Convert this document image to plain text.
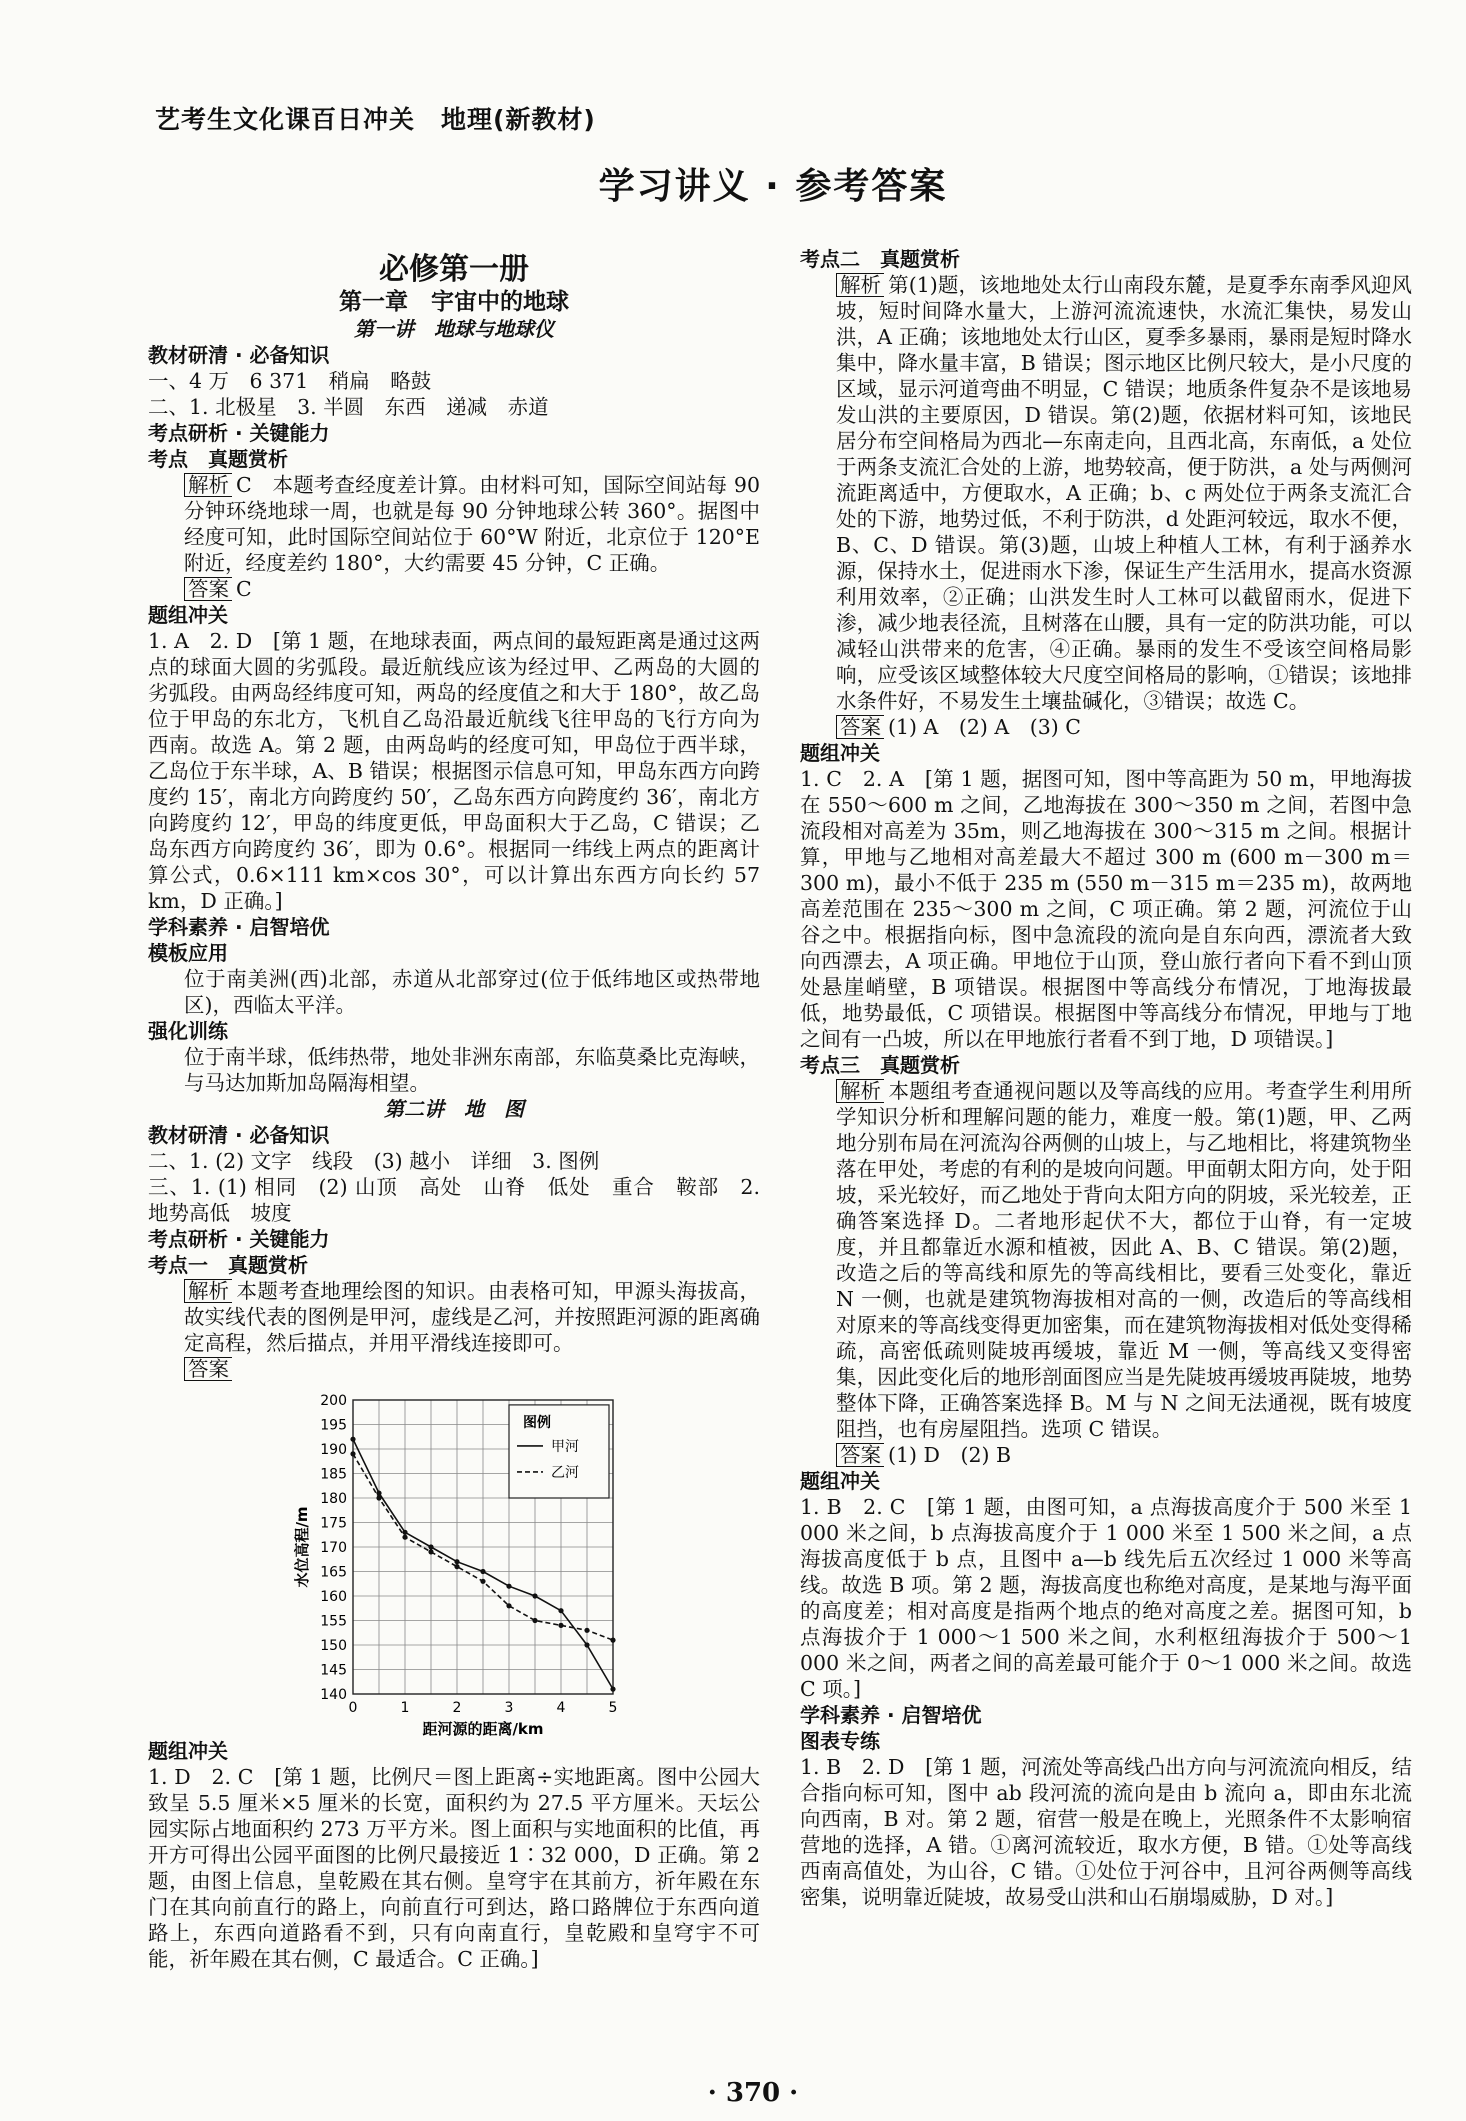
艺考生文化课百日冲关　地理(新教材)
学习讲义 · 参考答案
必修第一册
第一章　宇宙中的地球
第一讲　地球与地球仪
教材研清 · 必备知识
一、4 万　6 371　稍扁　略鼓
二、1. 北极星　3. 半圆　东西　递减　赤道
考点研析 · 关键能力
考点　真题赏析

解析 C　本题考查经度差计算。由材料可知，国际空间站每 90 分钟环绕地球一周，也就是每 90 分钟地球公转 360°。据图中经度可知，此时国际空间站位于 60°W 附近，北京位于 120°E 附近，经度差约 180°，大约需要 45 分钟，C 正确。

答案 C

题组冲关

1. A　2. D　[第 1 题，在地球表面，两点间的最短距离是通过这两点的球面大圆的劣弧段。最近航线应该为经过甲、乙两岛的大圆的劣弧段。由两岛经纬度可知，两岛的经度值之和大于 180°，故乙岛位于甲岛的东北方，飞机自乙岛沿最近航线飞往甲岛的飞行方向为西南。故选 A。第 2 题，由两岛屿的经度可知，甲岛位于西半球，乙岛位于东半球，A、B 错误；根据图示信息可知，甲岛东西方向跨度约 15′，南北方向跨度约 50′，乙岛东西方向跨度约 36′，南北方向跨度约 12′，甲岛的纬度更低，甲岛面积大于乙岛，C 错误；乙岛东西方向跨度约 36′，即为 0.6°。根据同一纬线上两点的距离计算公式，0.6×111 km×cos 30°，可以计算出东西方向长约 57 km，D 正确。]

学科素养 · 启智培优
模板应用

位于南美洲(西)北部，赤道从北部穿过(位于低纬地区或热带地区)，西临太平洋。

强化训练

位于南半球，低纬热带，地处非洲东南部，东临莫桑比克海峡，与马达加斯加岛隔海相望。

第二讲　地　图
教材研清 · 必备知识
二、1. (2) 文字　线段　(3) 越小　详细　3. 图例
三、1. (1) 相同　(2) 山顶　高处　山脊　低处　重合　鞍部　2. 地势高低　坡度
考点研析 · 关键能力
考点一　真题赏析

解析 本题考查地理绘图的知识。由表格可知，甲源头海拔高，故实线代表的图例是甲河，虚线是乙河，并按照距河源的距离确定高程，然后描点，并用平滑线连接即可。

答案

140
145
150
155
160
165
170
175
180
185
190
195
200
0	1	2	3	4	5
距河源的距离/km
水位高程/m
图例
甲河
乙河
题组冲关

1. D　2. C　[第 1 题，比例尺＝图上距离÷实地距离。图中公园大致呈 5.5 厘米×5 厘米的长宽，面积约为 27.5 平方厘米。天坛公园实际占地面积约 273 万平方米。图上面积与实地面积的比值，再开方可得出公园平面图的比例尺最接近 1∶32 000，D 正确。第 2 题，由图上信息，皇乾殿在其右侧。皇穹宇在其前方，祈年殿在东门在其向前直行的路上，向前直行可到达，路口路牌位于东西向道路上，东西向道路看不到，只有向南直行，皇乾殿和皇穹宇不可能，祈年殿在其右侧，C 最适合。C 正确。]

考点二　真题赏析

解析 第(1)题，该地地处太行山南段东麓，是夏季东南季风迎风坡，短时间降水量大，上游河流流速快，水流汇集快，易发山洪，A 正确；该地地处太行山区，夏季多暴雨，暴雨是短时降水集中，降水量丰富，B 错误；图示地区比例尺较大，是小尺度的区域，显示河道弯曲不明显，C 错误；地质条件复杂不是该地易发山洪的主要原因，D 错误。第(2)题，依据材料可知，该地民居分布空间格局为西北—东南走向，且西北高，东南低，a 处位于两条支流汇合处的上游，地势较高，便于防洪，a 处与两侧河流距离适中，方便取水，A 正确；b、c 两处位于两条支流汇合处的下游，地势过低，不利于防洪，d 处距河较远，取水不便，B、C、D 错误。第(3)题，山坡上种植人工林，有利于涵养水源，保持水土，促进雨水下渗，保证生产生活用水，提高水资源利用效率，②正确；山洪发生时人工林可以截留雨水，促进下渗，减少地表径流，且树落在山腰，具有一定的防洪功能，可以减轻山洪带来的危害，④正确。暴雨的发生不受该空间格局影响，应受该区域整体较大尺度空间格局的影响，①错误；该地排水条件好，不易发生土壤盐碱化，③错误；故选 C。

答案 (1) A　(2) A　(3) C

题组冲关

1. C　2. A　[第 1 题，据图可知，图中等高距为 50 m，甲地海拔在 550～600 m 之间，乙地海拔在 300～350 m 之间，若图中急流段相对高差为 35m，则乙地海拔在 300～315 m 之间。根据计算，甲地与乙地相对高差最大不超过 300 m (600 m－300 m＝300 m)，最小不低于 235 m (550 m－315 m＝235 m)，故两地高差范围在 235～300 m 之间，C 项正确。第 2 题，河流位于山谷之中。根据指向标，图中急流段的流向是自东向西，漂流者大致向西漂去，A 项正确。甲地位于山顶，登山旅行者向下看不到山顶处悬崖峭壁，B 项错误。根据图中等高线分布情况，丁地海拔最低，地势最低，C 项错误。根据图中等高线分布情况，甲地与丁地之间有一凸坡，所以在甲地旅行者看不到丁地，D 项错误。]

考点三　真题赏析

解析 本题组考查通视问题以及等高线的应用。考查学生利用所学知识分析和理解问题的能力，难度一般。第(1)题，甲、乙两地分别布局在河流沟谷两侧的山坡上，与乙地相比，将建筑物坐落在甲处，考虑的有利的是坡向问题。甲面朝太阳方向，处于阳坡，采光较好，而乙地处于背向太阳方向的阴坡，采光较差，正确答案选择 D。二者地形起伏不大，都位于山脊，有一定坡度，并且都靠近水源和植被，因此 A、B、C 错误。第(2)题，改造之后的等高线和原先的等高线相比，要看三处变化，靠近 N 一侧，也就是建筑物海拔相对高的一侧，改造后的等高线相对原来的等高线变得更加密集，而在建筑物海拔相对低处变得稀疏，高密低疏则陡坡再缓坡，靠近 M 一侧，等高线又变得密集，因此变化后的地形剖面图应当是先陡坡再缓坡再陡坡，地势整体下降，正确答案选择 B。M 与 N 之间无法通视，既有坡度阻挡，也有房屋阻挡。选项 C 错误。

答案 (1) D　(2) B

题组冲关

1. B　2. C　[第 1 题，由图可知，a 点海拔高度介于 500 米至 1 000 米之间，b 点海拔高度介于 1 000 米至 1 500 米之间，a 点海拔高度低于 b 点，且图中 a—b 线先后五次经过 1 000 米等高线。故选 B 项。第 2 题，海拔高度也称绝对高度，是某地与海平面的高度差；相对高度是指两个地点的绝对高度之差。据图可知，b 点海拔介于 1 000～1 500 米之间，水利枢纽海拔介于 500～1 000 米之间，两者之间的高差最可能介于 0～1 000 米之间。故选 C 项。]

学科素养 · 启智培优
图表专练

1. B　2. D　[第 1 题，河流处等高线凸出方向与河流流向相反，结合指向标可知，图中 ab 段河流的流向是由 b 流向 a，即由东北流向西南，B 对。第 2 题，宿营一般是在晚上，光照条件不太影响宿营地的选择，A 错。①离河流较近，取水方便，B 错。①处等高线西南高值处，为山谷，C 错。①处位于河谷中，且河谷两侧等高线密集，说明靠近陡坡，故易受山洪和山石崩塌威胁，D 对。]

· 370 ·
